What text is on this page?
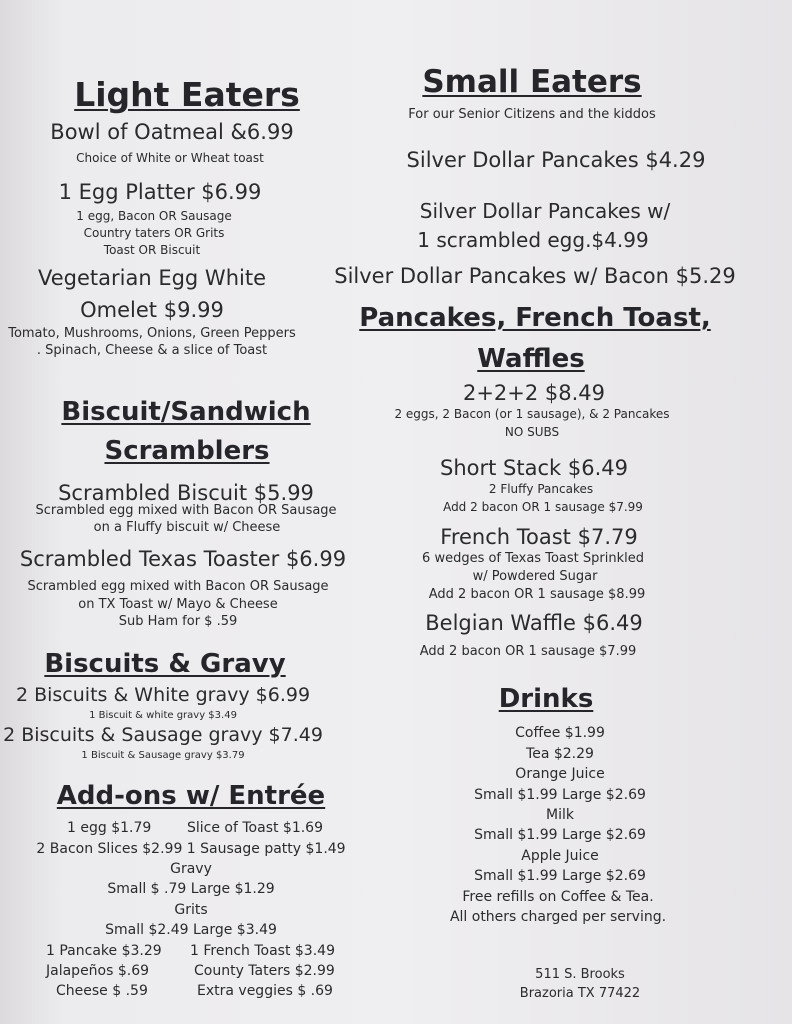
Light Eaters
Bowl of Oatmeal &6.99
Choice of White or Wheat toast
1 Egg Platter $6.99
1 egg, Bacon OR Sausage
Country taters OR Grits
Toast OR Biscuit
Vegetarian Egg White
Omelet $9.99
Tomato, Mushrooms, Onions, Green Peppers
. Spinach, Cheese & a slice of Toast
Biscuit/Sandwich
Scramblers
Scrambled Biscuit $5.99
Scrambled egg mixed with Bacon OR Sausage
on a Fluffy biscuit w/ Cheese
Scrambled Texas Toaster $6.99
Scrambled egg mixed with Bacon OR Sausage
on TX Toast w/ Mayo & Cheese
Sub Ham for $ .59
Biscuits & Gravy
2 Biscuits & White gravy $6.99
1 Biscuit & white gravy $3.49
2 Biscuits & Sausage gravy $7.49
1 Biscuit & Sausage gravy $3.79
Add-ons w/ Entrée
1 egg $1.79	Slice of Toast $1.69
2 Bacon Slices $2.99 1 Sausage patty $1.49
Gravy
Small $ .79 Large $1.29
Grits
Small $2.49 Large $3.49
1 Pancake $3.29 1 French Toast $3.49
Jalapeños $.69	County Taters $2.99
Cheese $ .59	Extra veggies $ .69
Small Eaters
For our Senior Citizens and the kiddos
Silver Dollar Pancakes $4.29
Silver Dollar Pancakes w/
1 scrambled egg.$4.99
Silver Dollar Pancakes w/ Bacon $5.29
Pancakes, French Toast,
Waffles
2+2+2 $8.49
2 eggs, 2 Bacon (or 1 sausage), & 2 Pancakes
NO SUBS
Short Stack $6.49
2 Fluffy Pancakes
Add 2 bacon OR 1 sausage $7.99
French Toast $7.79
6 wedges of Texas Toast Sprinkled
w/ Powdered Sugar
Add 2 bacon OR 1 sausage $8.99
Belgian Waffle $6.49
Add 2 bacon OR 1 sausage $7.99
Drinks
Coffee $1.99
Tea $2.29
Orange Juice
Small $1.99 Large $2.69
Milk
Small $1.99 Large $2.69
Apple Juice
Small $1.99 Large $2.69
Free refills on Coffee & Tea.
All others charged per serving.
511 S. Brooks
Brazoria TX 77422
